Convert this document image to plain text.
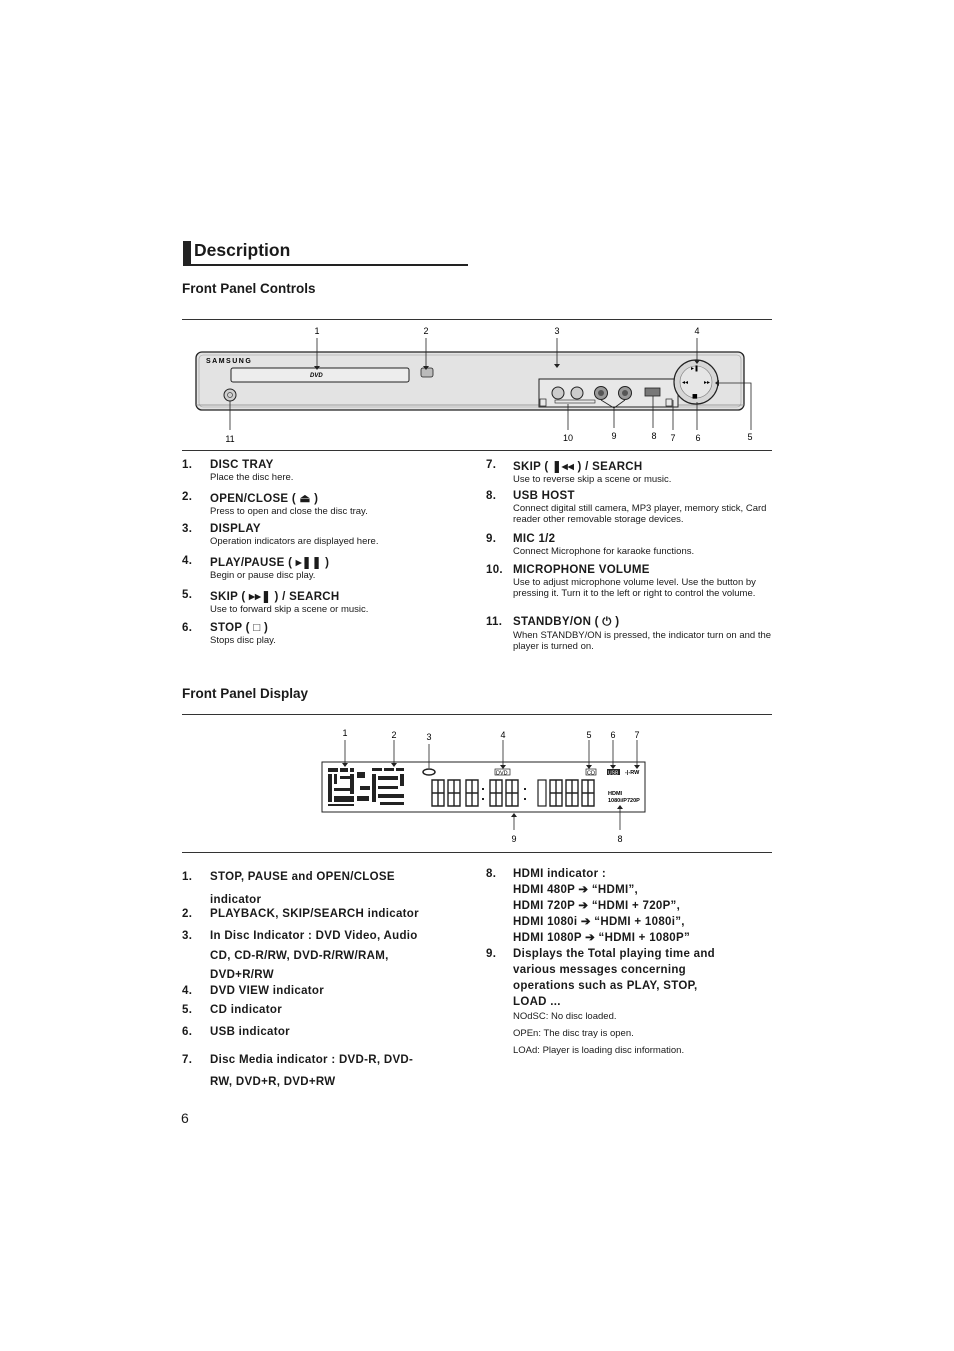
Description
Front Panel Controls
SAMSUNG
DVD
▸❚
◂◂	▸▸
■
1	2	3	4
5
6
7
8
9
10
11
1. DISC TRAY
Place the disc here.
2. OPEN/CLOSE ( ⏏ )
Press to open and close the disc tray.
3. DISPLAY
Operation indicators are displayed here.
4. PLAY/PAUSE ( ▸❚❚ )
Begin or pause disc play.
5. SKIP ( ▸▸❚ ) / SEARCH
Use to forward skip a scene or music.
6. STOP ( □ )
Stops disc play.
7. SKIP ( ❚◂◂ ) / SEARCH
Use to reverse skip a scene or music.
8. USB HOST
Connect digital still camera, MP3 player, memory stick, Card reader other removable storage devices.
9. MIC 1/2
Connect Microphone for karaoke functions.
10. MICROPHONE VOLUME
Use to adjust microphone volume level. Use the button by pressing it. Turn it to the left or right to control the volume.
11. STANDBY/ON ( ⏻ )
When STANDBY/ON is pressed, the indicator turn on and the player is turned on.
Front Panel Display
DVD	CD	USB -|-RW
HDMI
1080i/P720P
1	2	3	4	5 6 7
9	8
1. STOP, PAUSE and OPEN/CLOSE
indicator
2. PLAYBACK, SKIP/SEARCH indicator
3. In Disc Indicator : DVD Video, Audio
CD, CD-R/RW, DVD-R/RW/RAM,
DVD+R/RW
4. DVD VIEW indicator
5. CD indicator
6. USB indicator
7. Disc Media indicator : DVD-R, DVD-
RW, DVD+R, DVD+RW
8. HDMI indicator :
HDMI 480P ➔ “HDMI”,
HDMI 720P ➔ “HDMI + 720P”,
HDMI 1080i ➔ “HDMI + 1080i”,
HDMI 1080P ➔ “HDMI + 1080P”
9. Displays the Total playing time and
various messages concerning
operations such as PLAY, STOP,
LOAD ...
NOdSC: No disc loaded.
OPEn: The disc tray is open.
LOAd: Player is loading disc information.
6
